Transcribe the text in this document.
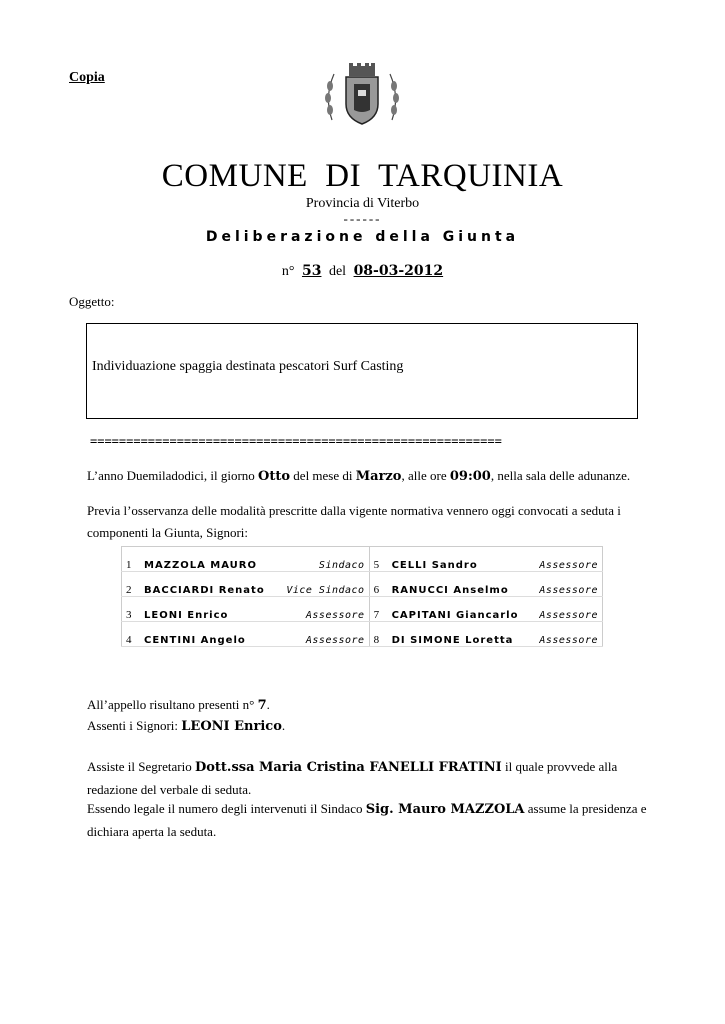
Copia
COMUNE  DI  TARQUINIA
Provincia di Viterbo
------
Deliberazione della Giunta
n° 53 del 08-03-2012
Oggetto:
Individuazione spaggia destinata pescatori Surf Casting
=========================================================
L’anno Duemiladodici, il giorno Otto del mese di Marzo, alle ore 09:00, nella sala delle adunanze.
Previa l’osservanza delle modalità prescritte dalla vigente normativa vennero oggi convocati a seduta i componenti la Giunta, Signori:
1	MAZZOLA MAURO	Sindaco	5	CELLI Sandro	Assessore
2	BACCIARDI Renato	Vice Sindaco	6	RANUCCI Anselmo	Assessore
3	LEONI Enrico	Assessore	7	CAPITANI Giancarlo	Assessore
4	CENTINI Angelo	Assessore	8	DI SIMONE Loretta	Assessore
All’appello risultano presenti n° 7.
Assenti i Signori: LEONI Enrico.
Assiste il Segretario Dott.ssa Maria Cristina FANELLI FRATINI il quale provvede alla redazione del verbale di seduta.
Essendo legale il numero degli intervenuti il Sindaco Sig. Mauro MAZZOLA assume la presidenza e dichiara aperta la seduta.
